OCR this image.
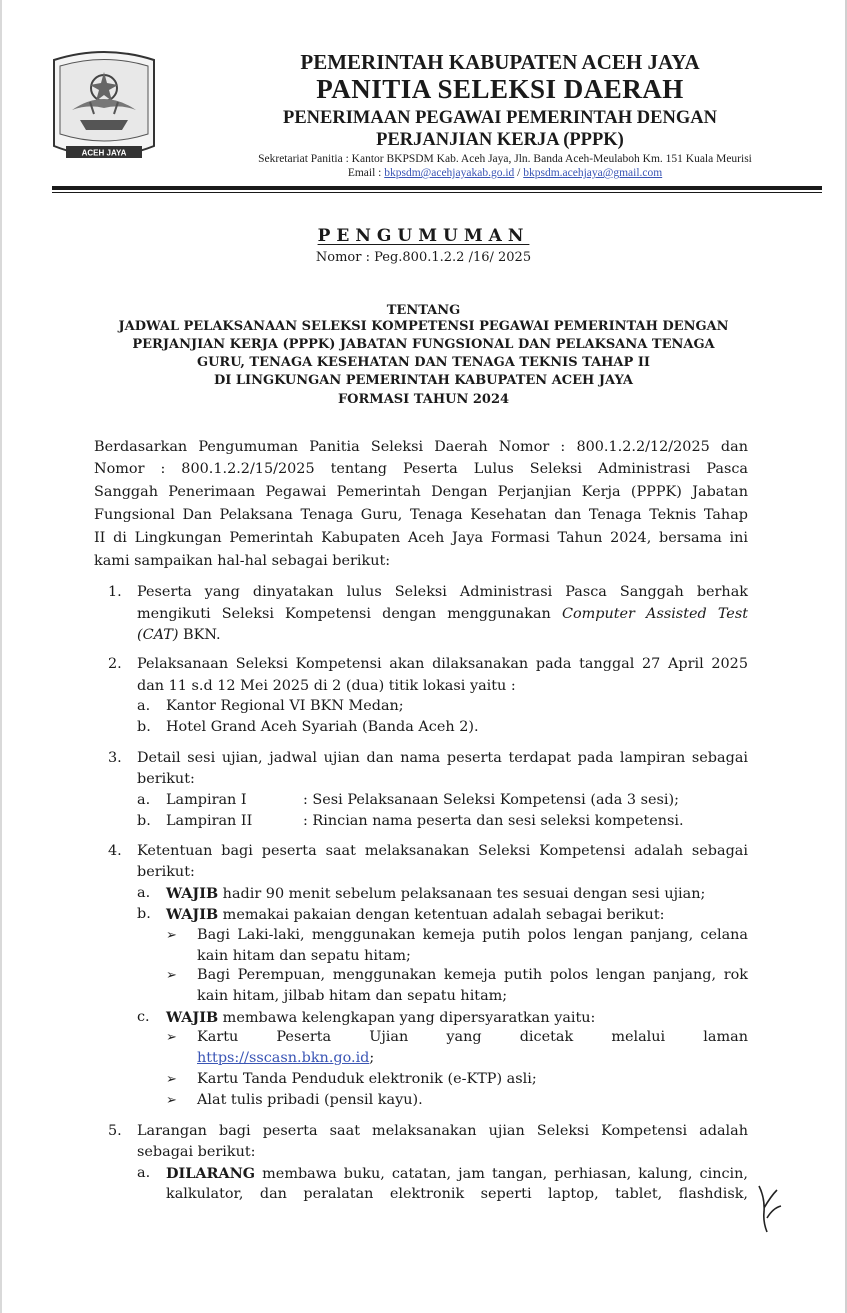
ACEH JAYA
PEMERINTAH KABUPATEN ACEH JAYA
PANITIA SELEKSI DAERAH
PENERIMAAN PEGAWAI PEMERINTAH DENGAN
PERJANJIAN KERJA (PPPK)
Sekretariat Panitia : Kantor BKPSDM Kab. Aceh Jaya, Jln. Banda Aceh-Meulaboh Km. 151 Kuala Meurisi
Email : bkpsdm@acehjayakab.go.id / bkpsdm.acehjaya@gmail.com
PENGUMUMAN
Nomor : Peg.800.1.2.2 /16/ 2025
TENTANG
JADWAL PELAKSANAAN SELEKSI KOMPETENSI PEGAWAI PEMERINTAH DENGAN
PERJANJIAN KERJA (PPPK) JABATAN FUNGSIONAL DAN PELAKSANA TENAGA
GURU, TENAGA KESEHATAN DAN TENAGA TEKNIS TAHAP II
DI LINGKUNGAN PEMERINTAH KABUPATEN ACEH JAYA
FORMASI TAHUN 2024
Berdasarkan Pengumuman Panitia Seleksi Daerah Nomor : 800.1.2.2/12/2025 dan
Nomor : 800.1.2.2/15/2025 tentang Peserta Lulus Seleksi Administrasi Pasca
Sanggah Penerimaan Pegawai Pemerintah Dengan Perjanjian Kerja (PPPK) Jabatan
Fungsional Dan Pelaksana Tenaga Guru, Tenaga Kesehatan dan Tenaga Teknis Tahap
II di Lingkungan Pemerintah Kabupaten Aceh Jaya Formasi Tahun 2024, bersama ini
kami sampaikan hal-hal sebagai berikut:
1. Peserta yang dinyatakan lulus Seleksi Administrasi Pasca Sanggah berhak
mengikuti Seleksi Kompetensi dengan menggunakan Computer Assisted Test
(CAT) BKN.
2. Pelaksanaan Seleksi Kompetensi akan dilaksanakan pada tanggal 27 April 2025
dan 11 s.d 12 Mei 2025 di 2 (dua) titik lokasi yaitu :
a. Kantor Regional VI BKN Medan;
b. Hotel Grand Aceh Syariah (Banda Aceh 2).
3. Detail sesi ujian, jadwal ujian dan nama peserta terdapat pada lampiran sebagai
berikut:
a. Lampiran I	: Sesi Pelaksanaan Seleksi Kompetensi (ada 3 sesi);
b. Lampiran II	: Rincian nama peserta dan sesi seleksi kompetensi.
4. Ketentuan bagi peserta saat melaksanakan Seleksi Kompetensi adalah sebagai
berikut:
a. WAJIB hadir 90 menit sebelum pelaksanaan tes sesuai dengan sesi ujian;
b. WAJIB memakai pakaian dengan ketentuan adalah sebagai berikut:
➢ Bagi Laki-laki, menggunakan kemeja putih polos lengan panjang, celana
kain hitam dan sepatu hitam;
➢ Bagi Perempuan, menggunakan kemeja putih polos lengan panjang, rok
kain hitam, jilbab hitam dan sepatu hitam;
c. WAJIB membawa kelengkapan yang dipersyaratkan yaitu:
➢ Kartu	Peserta	Ujian	yang	dicetak	melalui	laman
https://sscasn.bkn.go.id;
➢ Kartu Tanda Penduduk elektronik (e-KTP) asli;
➢ Alat tulis pribadi (pensil kayu).
5. Larangan bagi peserta saat melaksanakan ujian Seleksi Kompetensi adalah
sebagai berikut:
a. DILARANG membawa buku, catatan, jam tangan, perhiasan, kalung, cincin,
kalkulator, dan peralatan elektronik seperti laptop, tablet, flashdisk,
